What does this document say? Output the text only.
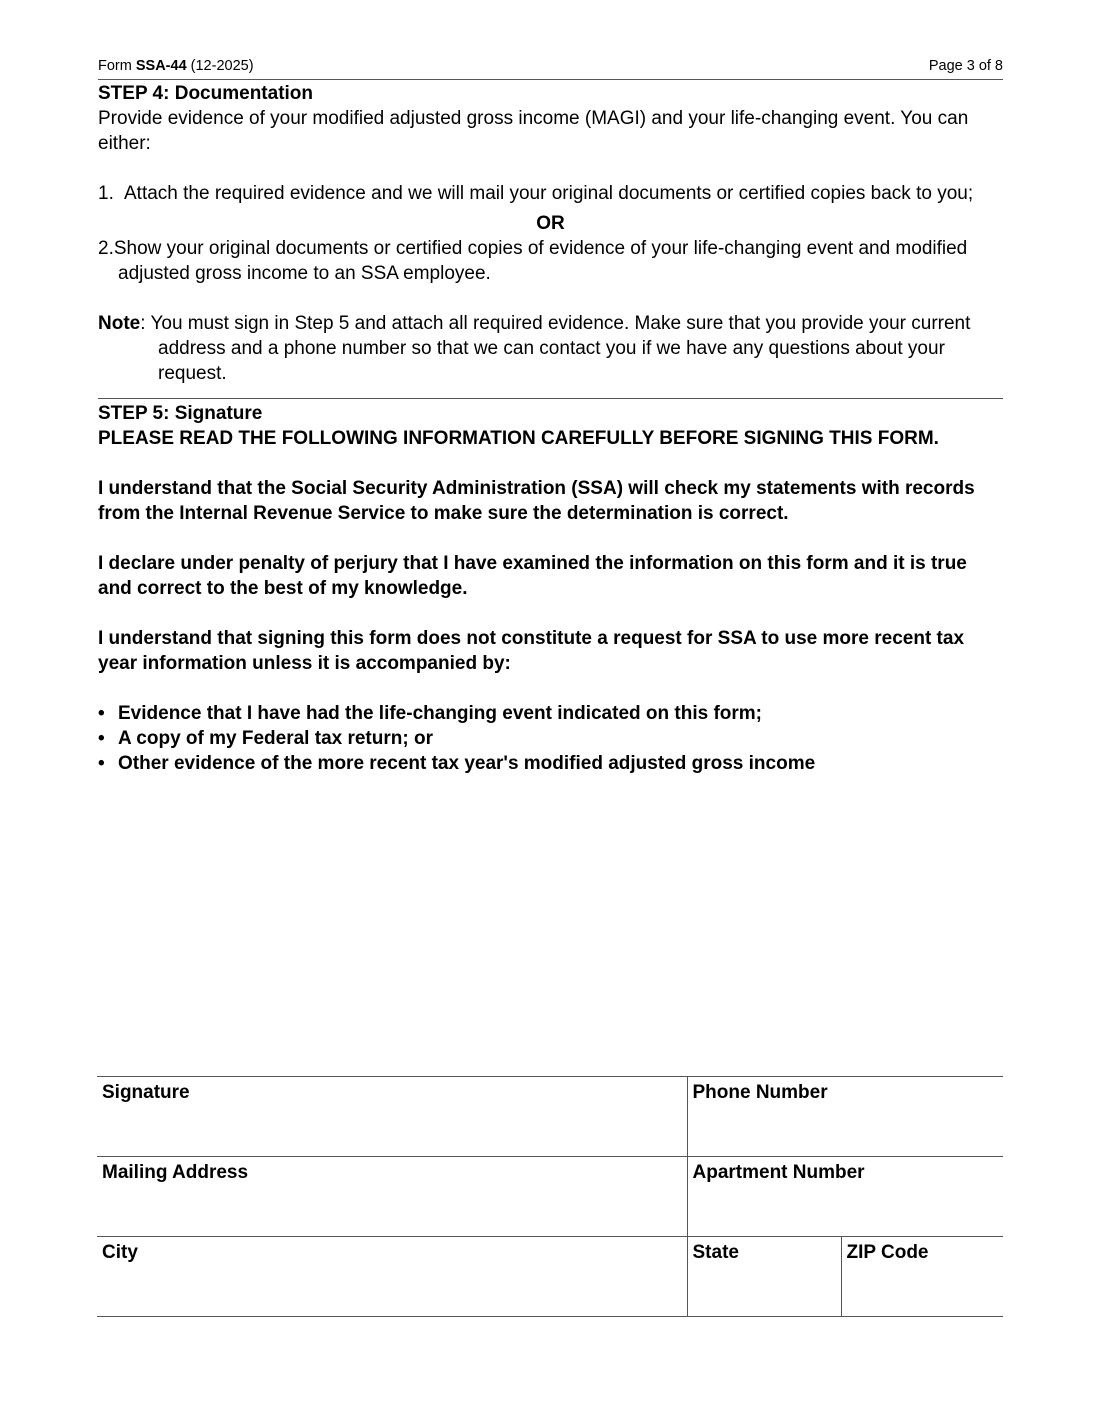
Form SSA-44 (12-2025)	Page 3 of 8
STEP 4: Documentation
Provide evidence of your modified adjusted gross income (MAGI) and your life-changing event. You can either:
1. Attach the required evidence and we will mail your original documents or certified copies back to you;
OR
2.Show your original documents or certified copies of evidence of your life-changing event and modified adjusted gross income to an SSA employee.
Note: You must sign in Step 5 and attach all required evidence. Make sure that you provide your current address and a phone number so that we can contact you if we have any questions about your request.
STEP 5: Signature
PLEASE READ THE FOLLOWING INFORMATION CAREFULLY BEFORE SIGNING THIS FORM.
I understand that the Social Security Administration (SSA) will check my statements with records from the Internal Revenue Service to make sure the determination is correct.
I declare under penalty of perjury that I have examined the information on this form and it is true and correct to the best of my knowledge.
I understand that signing this form does not constitute a request for SSA to use more recent tax year information unless it is accompanied by:
• Evidence that I have had the life-changing event indicated on this form;
• A copy of my Federal tax return; or
• Other evidence of the more recent tax year's modified adjusted gross income
Signature	Phone Number	
Mailing Address	Apartment Number	
City	State	ZIP Code
